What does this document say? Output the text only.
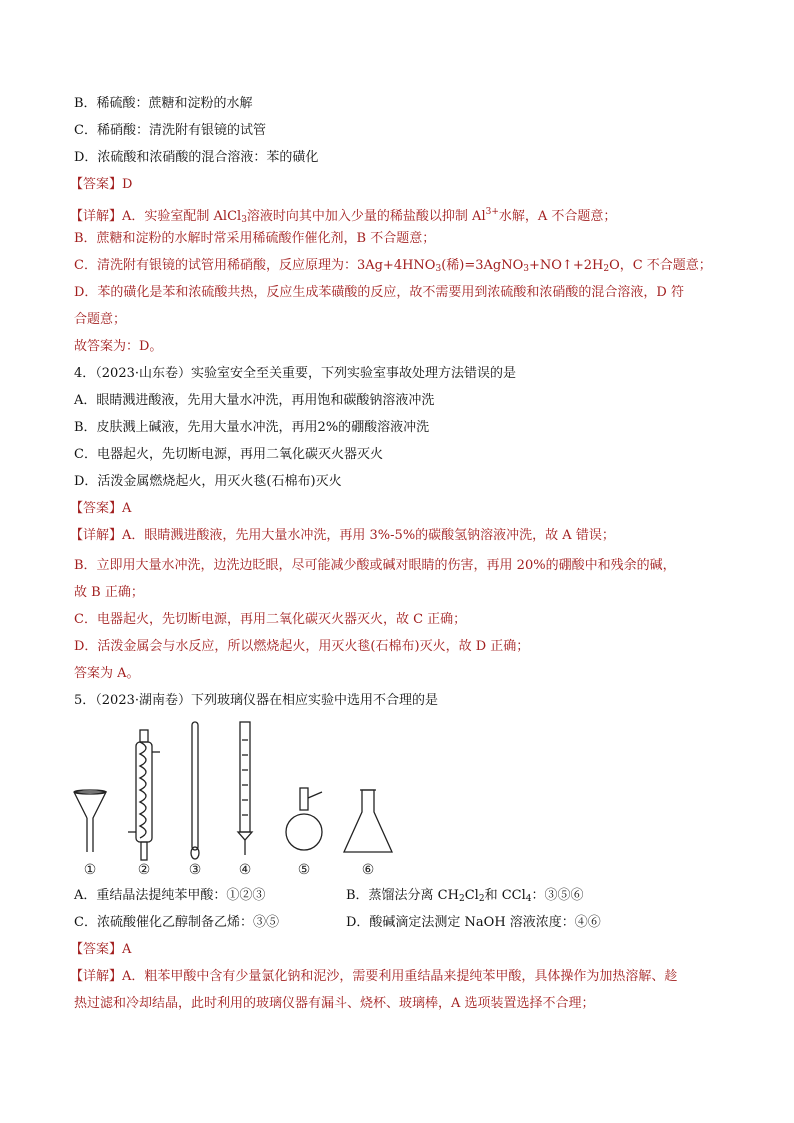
B．稀硫酸：蔗糖和淀粉的水解
C．稀硝酸：清洗附有银镜的试管
D．浓硫酸和浓硝酸的混合溶液：苯的磺化
【答案】D
【详解】A．实验室配制 AlCl$_3$溶液时向其中加入少量的稀盐酸以抑制 $Al^{3+}$水解，A 不合题意；
B．蔗糖和淀粉的水解时常采用稀硫酸作催化剂，B 不合题意；
C．清洗附有银镜的试管用稀硝酸，反应原理为：$3Ag+4HNO_3$(稀)$=3AgNO_3+NO↑+2H_2O$，C 不合题意；
D．苯的磺化是苯和浓硫酸共热，反应生成苯磺酸的反应，故不需要用到浓硫酸和浓硝酸的混合溶液，D 符
合题意；
故答案为：D。
4．（2023·山东卷）实验室安全至关重要，下列实验室事故处理方法错误的是
A．眼睛溅进酸液，先用大量水冲洗，再用饱和碳酸钠溶液冲洗
B．皮肤溅上碱液，先用大量水冲洗，再用2%的硼酸溶液冲洗
C．电器起火，先切断电源，再用二氧化碳灭火器灭火
D．活泼金属燃烧起火，用灭火毯(石棉布)灭火
【答案】A
【详解】A．眼睛溅进酸液，先用大量水冲洗，再用 3%-5%的碳酸氢钠溶液冲洗，故 A 错误；
B．立即用大量水冲洗，边洗边眨眼，尽可能减少酸或碱对眼睛的伤害，再用 20%的硼酸中和残余的碱，
故 B 正确；
C．电器起火，先切断电源，再用二氧化碳灭火器灭火，故 C 正确；
D．活泼金属会与水反应，所以燃烧起火，用灭火毯(石棉布)灭火，故 D 正确；
答案为 A。
5．（2023·湖南卷）下列玻璃仪器在相应实验中选用不合理的是
①	②	③	④	⑤	⑥
A．重结晶法提纯苯甲酸：①②③	B．蒸馏法分离 $CH_2Cl_2$和 CCl$_4$：③⑤⑥
C．浓硫酸催化乙醇制备乙烯：③⑤	D．酸碱滴定法测定 NaOH 溶液浓度：④⑥
【答案】A
【详解】A．粗苯甲酸中含有少量氯化钠和泥沙，需要利用重结晶来提纯苯甲酸，具体操作为加热溶解、趁
热过滤和冷却结晶，此时利用的玻璃仪器有漏斗、烧杯、玻璃棒，A 选项装置选择不合理；
